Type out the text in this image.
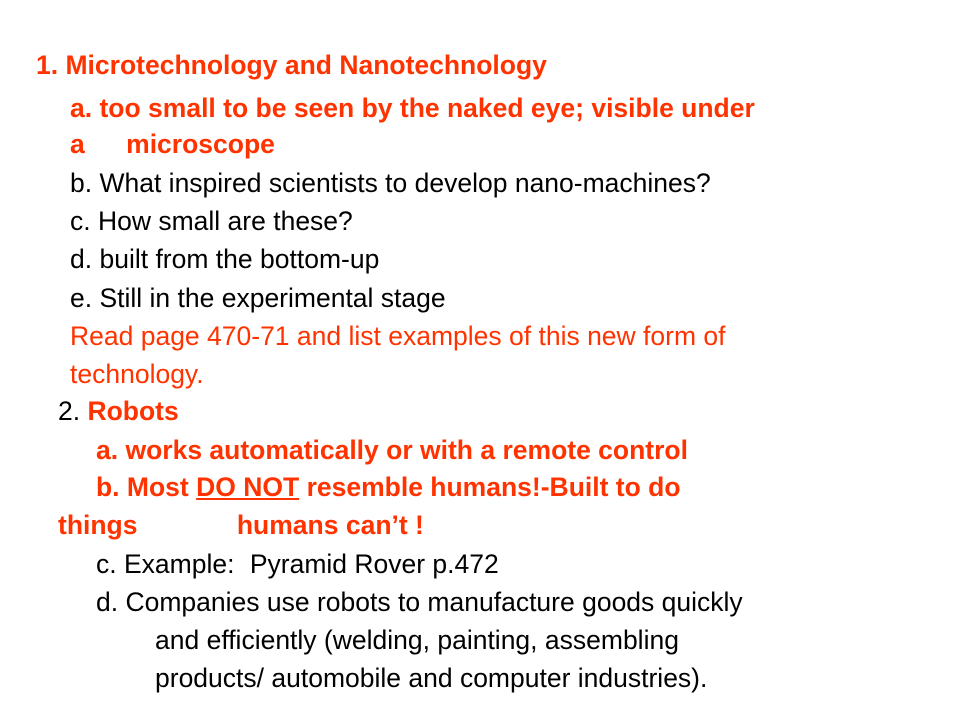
1. Microtechnology and Nanotechnology
a. too small to be seen by the naked eye; visible under
a microscope
b. What inspired scientists to develop nano-machines?
c. How small are these?
d. built from the bottom-up
e. Still in the experimental stage
Read page 470-71 and list examples of this new form of
technology.
2. Robots
a. works automatically or with a remote control
b. Most DO NOT resemble humans!-Built to do
things	humans can’t !
c. Example: Pyramid Rover p.472
d. Companies use robots to manufacture goods quickly
and efficiently (welding, painting, assembling
products/ automobile and computer industries).
